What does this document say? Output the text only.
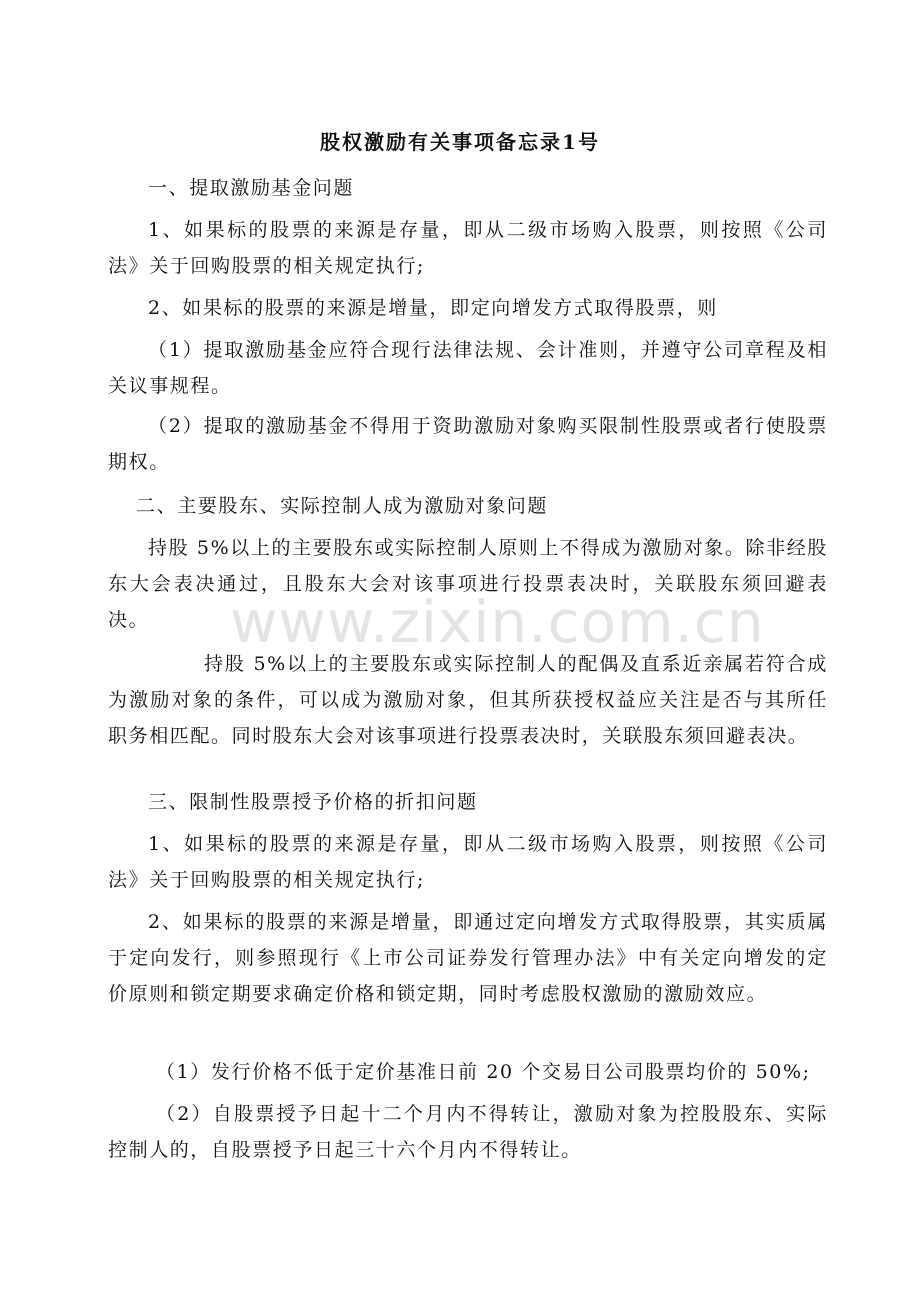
www.zixin.com.cn
股权激励有关事项备忘录1号
一、提取激励基金问题
1、如果标的股票的来源是存量，即从二级市场购入股票，则按照《公司法》关于回购股票的相关规定执行;
2、如果标的股票的来源是增量，即定向增发方式取得股票，则
（1）提取激励基金应符合现行法律法规、会计准则，并遵守公司章程及相关议事规程。
（2）提取的激励基金不得用于资助激励对象购买限制性股票或者行使股票期权。
二、主要股东、实际控制人成为激励对象问题
持股 5%以上的主要股东或实际控制人原则上不得成为激励对象。除非经股东大会表决通过，且股东大会对该事项进行投票表决时，关联股东须回避表决。
持股 5%以上的主要股东或实际控制人的配偶及直系近亲属若符合成为激励对象的条件，可以成为激励对象，但其所获授权益应关注是否与其所任职务相匹配。同时股东大会对该事项进行投票表决时，关联股东须回避表决。
三、限制性股票授予价格的折扣问题
1、如果标的股票的来源是存量，即从二级市场购入股票，则按照《公司法》关于回购股票的相关规定执行;
2、如果标的股票的来源是增量，即通过定向增发方式取得股票，其实质属于定向发行，则参照现行《上市公司证券发行管理办法》中有关定向增发的定价原则和锁定期要求确定价格和锁定期，同时考虑股权激励的激励效应。
（1）发行价格不低于定价基准日前 20 个交易日公司股票均价的 50%;
（2）自股票授予日起十二个月内不得转让，激励对象为控股股东、实际控制人的，自股票授予日起三十六个月内不得转让。
